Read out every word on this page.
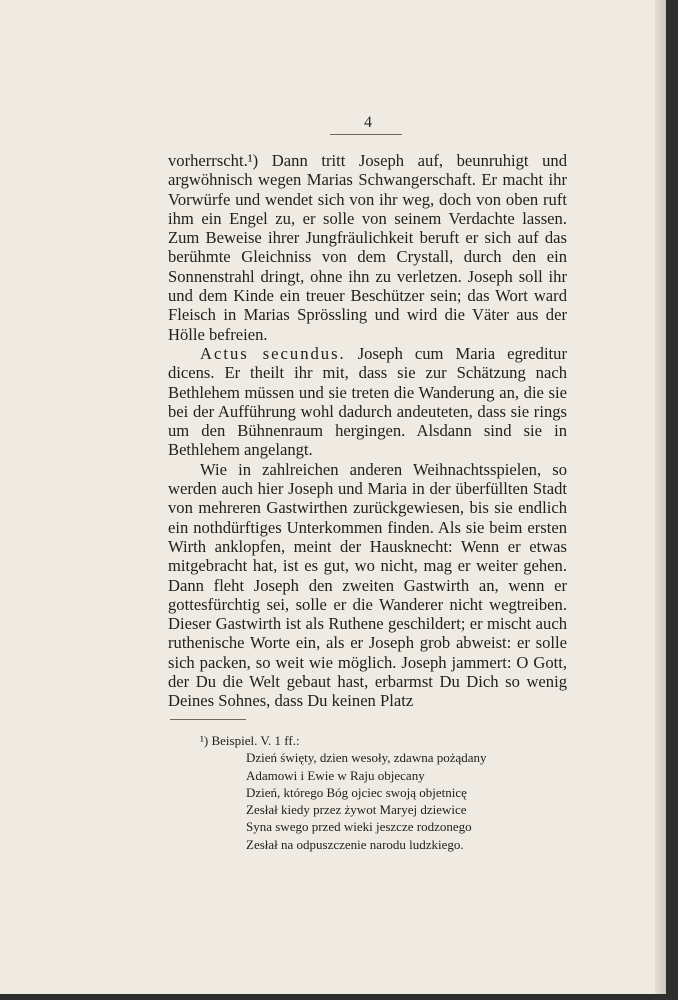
4

vorherrscht.¹) Dann tritt Joseph auf, beunruhigt und argwöhnisch wegen Marias Schwangerschaft. Er macht ihr Vorwürfe und wendet sich von ihr weg, doch von oben ruft ihm ein Engel zu, er solle von seinem Verdachte lassen. Zum Beweise ihrer Jungfräulichkeit beruft er sich auf das berühmte Gleichniss von dem Crystall, durch den ein Sonnenstrahl dringt, ohne ihn zu verletzen. Joseph soll ihr und dem Kinde ein treuer Beschützer sein; das Wort ward Fleisch in Marias Sprössling und wird die Väter aus der Hölle befreien.

Actus secundus. Joseph cum Maria egreditur dicens. Er theilt ihr mit, dass sie zur Schätzung nach Bethlehem müssen und sie treten die Wanderung an, die sie bei der Aufführung wohl dadurch andeuteten, dass sie rings um den Bühnenraum hergingen. Alsdann sind sie in Bethlehem angelangt.

Wie in zahlreichen anderen Weihnachtsspielen, so werden auch hier Joseph und Maria in der überfüllten Stadt von mehreren Gastwirthen zurückgewiesen, bis sie endlich ein nothdürftiges Unterkommen finden. Als sie beim ersten Wirth anklopfen, meint der Hausknecht: Wenn er etwas mitgebracht hat, ist es gut, wo nicht, mag er weiter gehen. Dann fleht Joseph den zweiten Gastwirth an, wenn er gottesfürchtig sei, solle er die Wanderer nicht wegtreiben. Dieser Gastwirth ist als Ruthene geschildert; er mischt auch ruthenische Worte ein, als er Joseph grob abweist: er solle sich packen, so weit wie möglich. Joseph jammert: O Gott, der Du die Welt gebaut hast, erbarmst Du Dich so wenig Deines Sohnes, dass Du keinen Platz

¹) Beispiel. V. 1 ff.:
Dzień święty, dzien wesoły, zdawna pożądany
Adamowi i Ewie w Raju objecany
Dzień, którego Bóg ojciec swoją objetnicę
Zesłał kiedy przez żywot Maryej dziewice
Syna swego przed wieki jeszcze rodzonego
Zesłał na odpuszczenie narodu ludzkiego.
